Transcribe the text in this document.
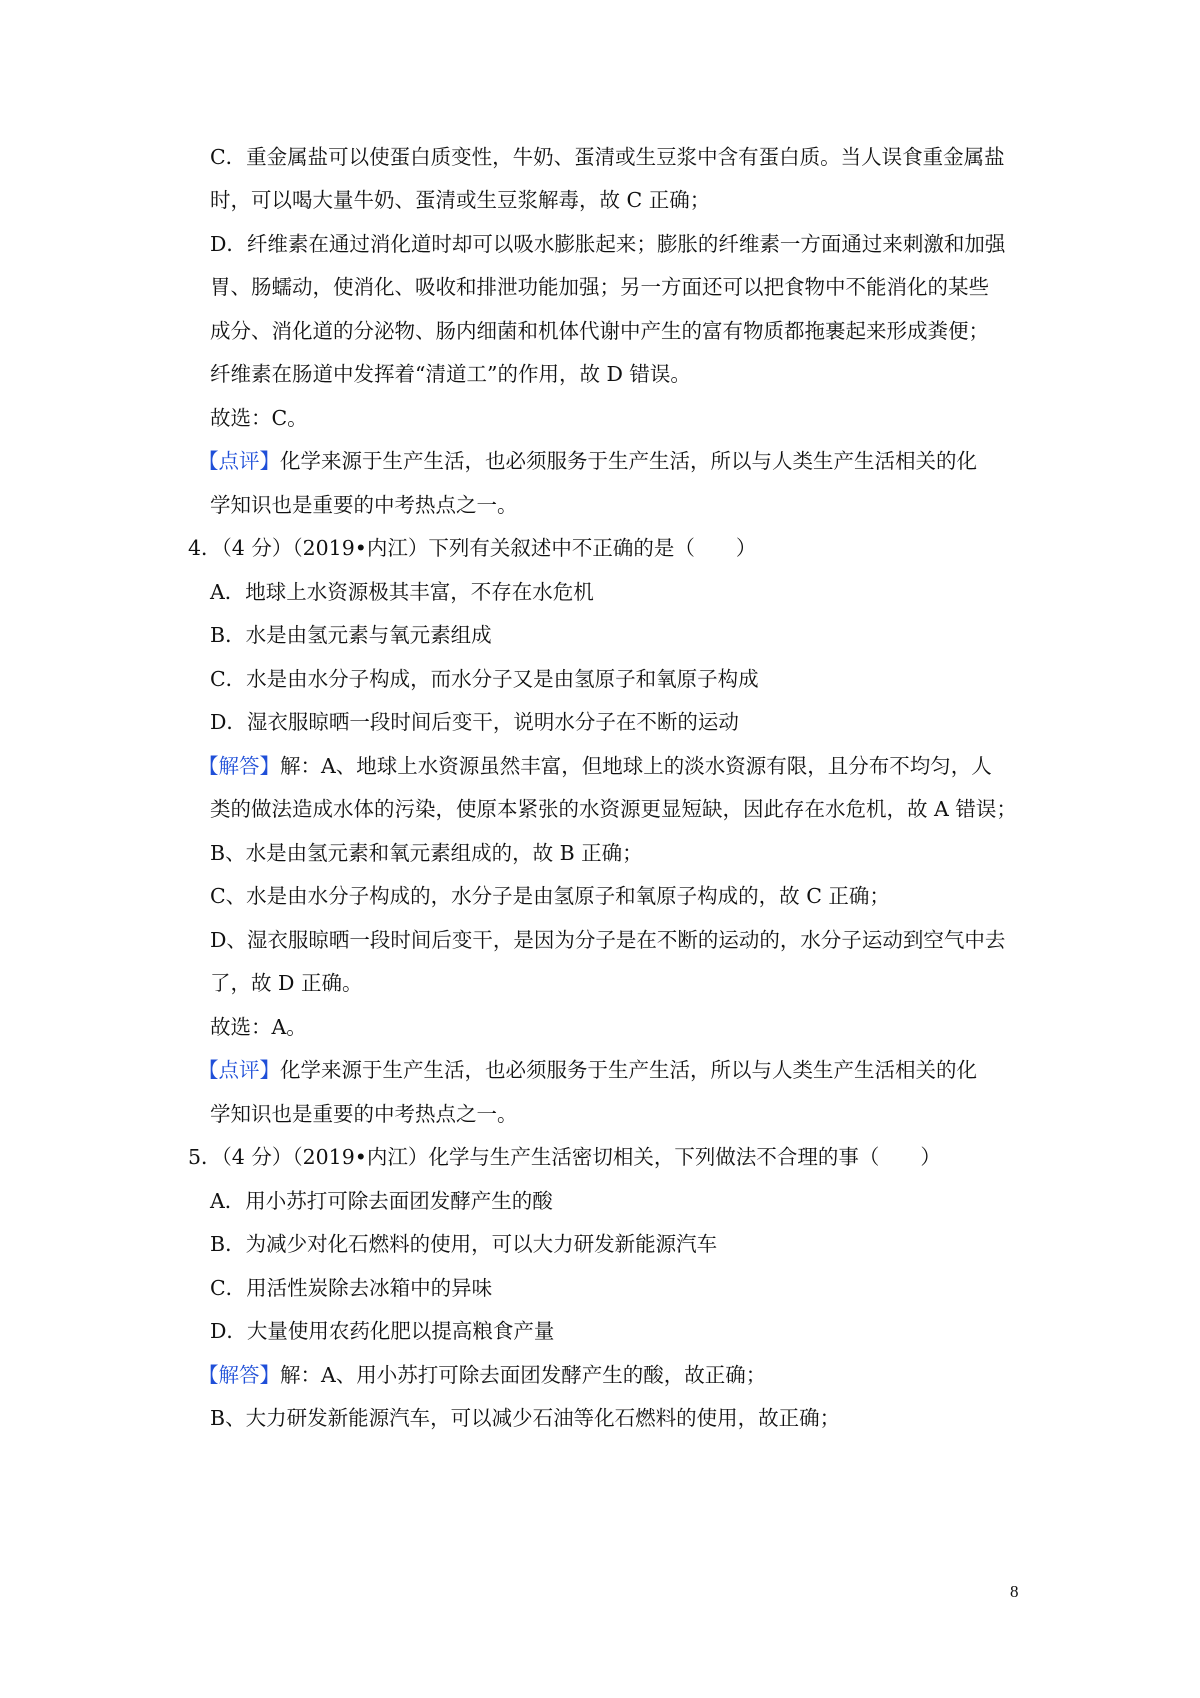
C．重金属盐可以使蛋白质变性，牛奶、蛋清或生豆浆中含有蛋白质。当人误食重金属盐
时，可以喝大量牛奶、蛋清或生豆浆解毒，故 C 正确；
D．纤维素在通过消化道时却可以吸水膨胀起来；膨胀的纤维素一方面通过来刺激和加强
胃、肠蠕动，使消化、吸收和排泄功能加强；另一方面还可以把食物中不能消化的某些
成分、消化道的分泌物、肠内细菌和机体代谢中产生的富有物质都拖裹起来形成粪便；
纤维素在肠道中发挥着“清道工”的作用，故 D 错误。
故选：C。
【点评】化学来源于生产生活，也必须服务于生产生活，所以与人类生产生活相关的化
学知识也是重要的中考热点之一。
4．（4 分）（2019•内江）下列有关叙述中不正确的是（　　）
A．地球上水资源极其丰富，不存在水危机
B．水是由氢元素与氧元素组成
C．水是由水分子构成，而水分子又是由氢原子和氧原子构成
D．湿衣服晾晒一段时间后变干，说明水分子在不断的运动
【解答】解：A、地球上水资源虽然丰富，但地球上的淡水资源有限，且分布不均匀，人
类的做法造成水体的污染，使原本紧张的水资源更显短缺，因此存在水危机，故 A 错误；
B、水是由氢元素和氧元素组成的，故 B 正确；
C、水是由水分子构成的，水分子是由氢原子和氧原子构成的，故 C 正确；
D、湿衣服晾晒一段时间后变干，是因为分子是在不断的运动的，水分子运动到空气中去
了，故 D 正确。
故选：A。
【点评】化学来源于生产生活，也必须服务于生产生活，所以与人类生产生活相关的化
学知识也是重要的中考热点之一。
5．（4 分）（2019•内江）化学与生产生活密切相关，下列做法不合理的事（　　）
A．用小苏打可除去面团发酵产生的酸
B．为减少对化石燃料的使用，可以大力研发新能源汽车
C．用活性炭除去冰箱中的异味
D．大量使用农药化肥以提高粮食产量
【解答】解：A、用小苏打可除去面团发酵产生的酸，故正确；
B、大力研发新能源汽车，可以减少石油等化石燃料的使用，故正确；
8
